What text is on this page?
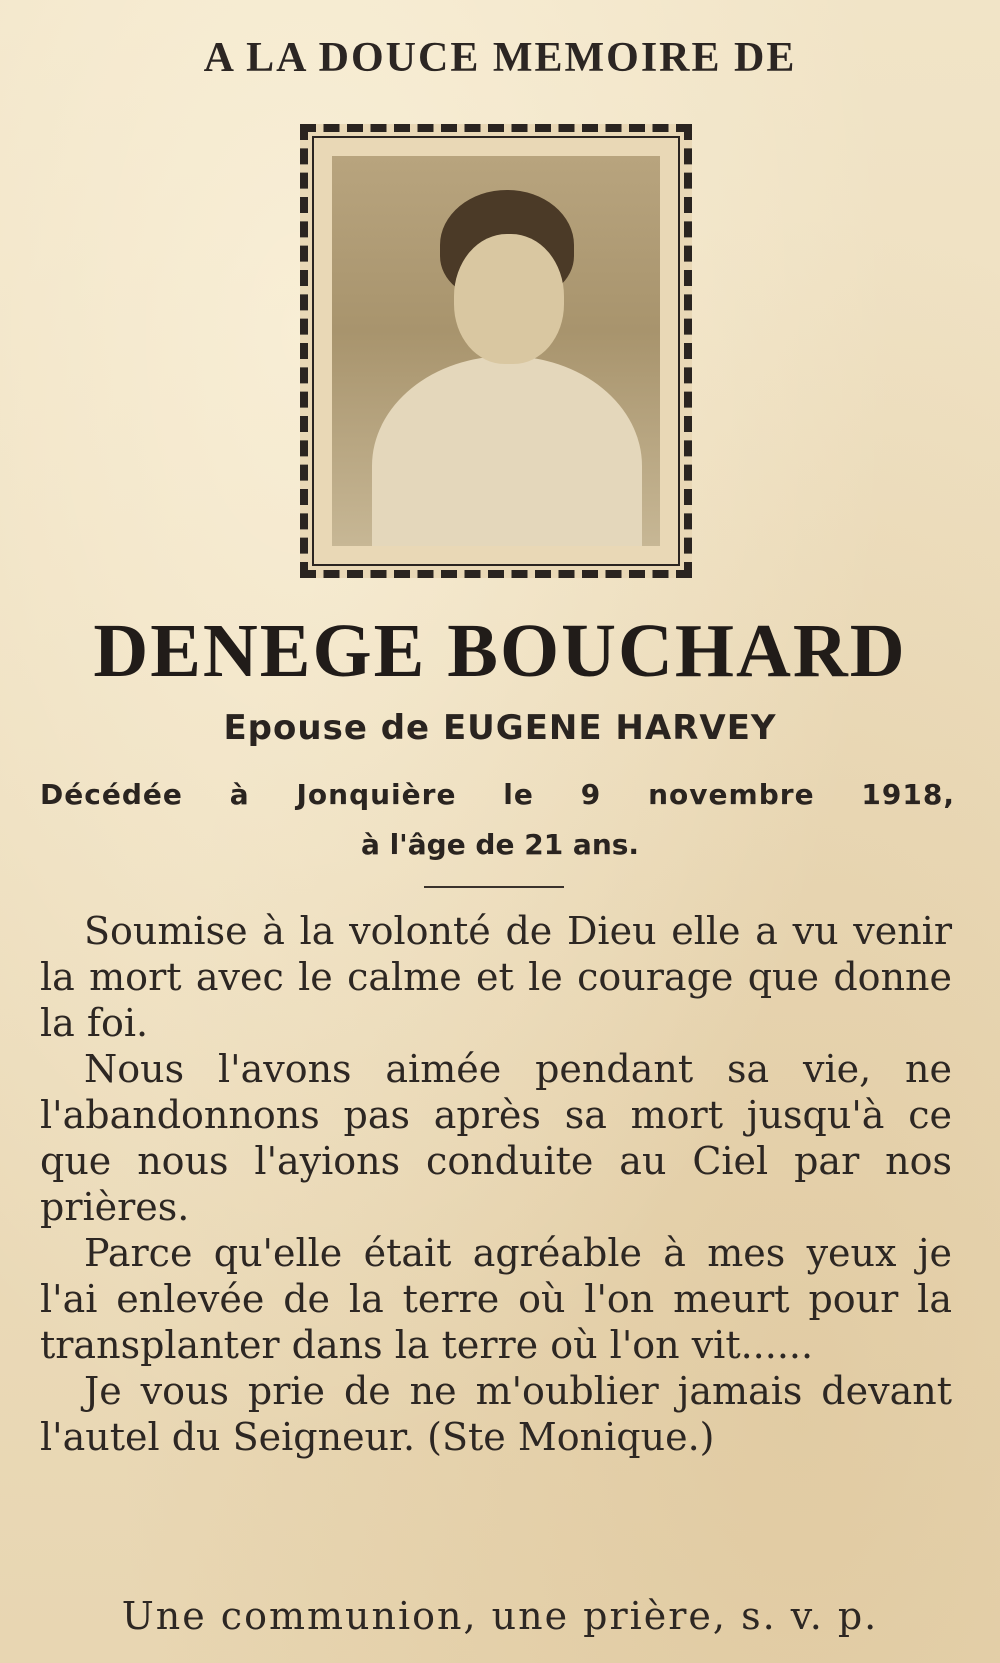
A LA DOUCE MEMOIRE DE
DENEGE BOUCHARD
Epouse de EUGENE HARVEY
Décédée à Jonquière le 9 novembre 1918,
à l'âge de 21 ans.

Soumise à la volonté de Dieu elle a vu venir la mort avec le calme et le courage que donne la foi.

Nous l'avons aimée pendant sa vie, ne l'abandonnons pas après sa mort jusqu'à ce que nous l'ayions conduite au Ciel par nos prières.

Parce qu'elle était agréable à mes yeux je l'ai enlevée de la terre où l'on meurt pour la transplanter dans la terre où l'on vit......

Je vous prie de ne m'oublier jamais devant l'autel du Seigneur. (Ste Monique.)

Une communion, une prière, s. v. p.
